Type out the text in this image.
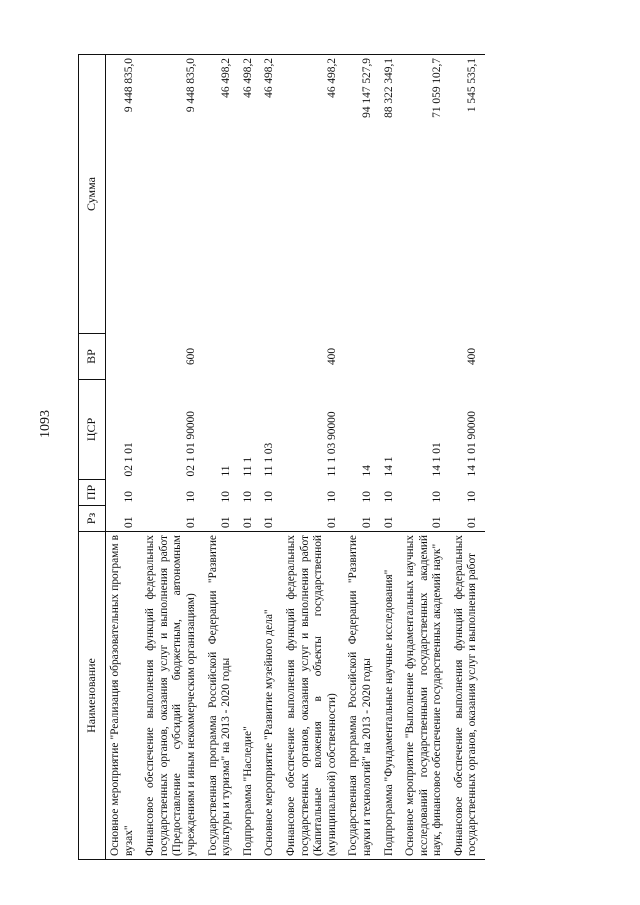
1093
Наименование	Рз	ПР	ЦСР	ВР	Сумма
Основное мероприятие "Реализация образовательных программ в вузах"	01	10	02 1 01		9 448 835,0
Финансовое обеспечение выполнения функций федеральных государственных органов, оказания услуг и выполнения работ (Предоставление субсидий бюджетным, автономным учреждениям и иным некоммерческим организациям)	01	10	02 1 01 90000	600	9 448 835,0
Государственная программа Российской Федерации "Развитие культуры и туризма" на 2013 - 2020 годы	01	10	11		46 498,2
Подпрограмма "Наследие"	01	10	11 1		46 498,2
Основное мероприятие "Развитие музейного дела"	01	10	11 1 03		46 498,2
Финансовое обеспечение выполнения функций федеральных государственных органов, оказания услуг и выполнения работ (Капитальные вложения в объекты государственной (муниципальной) собственности)	01	10	11 1 03 90000	400	46 498,2
Государственная программа Российской Федерации "Развитие науки и технологий" на 2013 - 2020 годы	01	10	14		94 147 527,9
Подпрограмма "Фундаментальные научные исследования"	01	10	14 1		88 322 349,1
Основное мероприятие "Выполнение фундаментальных научных исследований государственными государственных академий наук, финансовое обеспечение государственных академий наук"	01	10	14 1 01		71 059 102,7
Финансовое обеспечение выполнения функций федеральных государственных органов, оказания услуг и выполнения работ	01	10	14 1 01 90000	400	1 545 535,1
